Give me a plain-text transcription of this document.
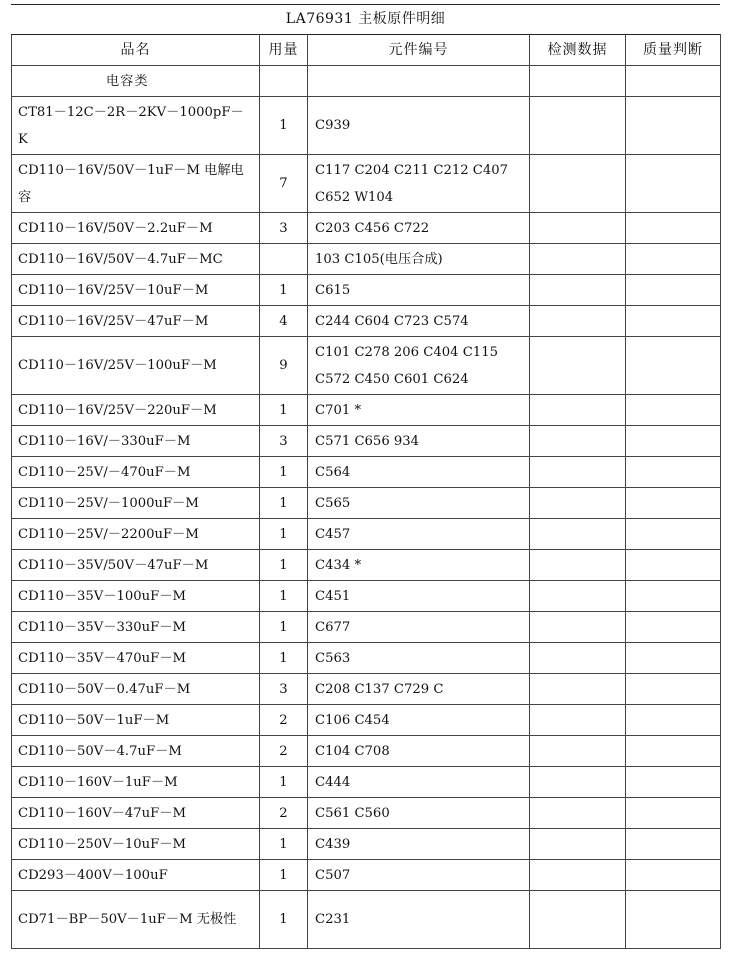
LA76931 主板原件明细
品名	用量	元件编号	检测数据	质量判断
电容类				
CT81－12C－2R－2KV－1000pF－K	1	C939		
CD110－16V/50V－1uF－M 电解电容	7	C117 C204 C211 C212 C407 C652 W104		
CD110－16V/50V－2.2uF－M	3	C203 C456 C722		
CD110－16V/50V－4.7uF－MC		103 C105(电压合成)		
CD110－16V/25V－10uF－M	1	C615		
CD110－16V/25V－47uF－M	4	C244 C604 C723 C574		
CD110－16V/25V－100uF－M	9	C101 C278 206 C404 C115 C572 C450 C601 C624		
CD110－16V/25V－220uF－M	1	C701 *		
CD110－16V/－330uF－M	3	C571 C656 934		
CD110－25V/－470uF－M	1	C564		
CD110－25V/－1000uF－M	1	C565		
CD110－25V/－2200uF－M	1	C457		
CD110－35V/50V－47uF－M	1	C434 *		
CD110－35V－100uF－M	1	C451		
CD110－35V－330uF－M	1	C677		
CD110－35V－470uF－M	1	C563		
CD110－50V－0.47uF－M	3	C208 C137 C729 C		
CD110－50V－1uF－M	2	C106 C454		
CD110－50V－4.7uF－M	2	C104 C708		
CD110－160V－1uF－M	1	C444		
CD110－160V－47uF－M	2	C561 C560		
CD110－250V－10uF－M	1	C439		
CD293－400V－100uF	1	C507		
CD71－BP－50V－1uF－M 无极性	1	C231		
